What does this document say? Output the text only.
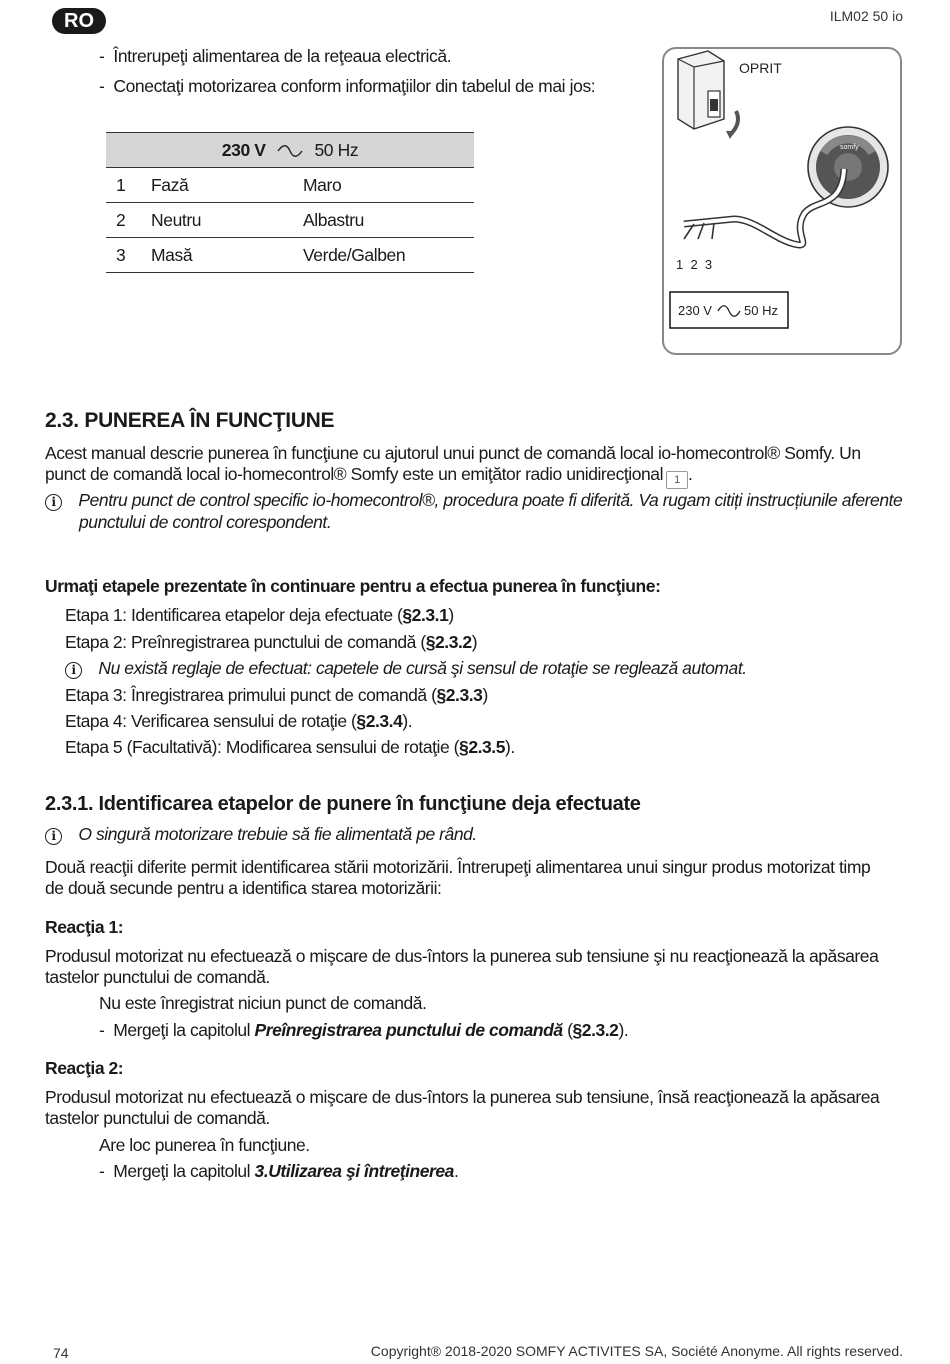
RO	ILM02 50 io
-  Întrerupeţi alimentarea de la reţeaua electrică.
-  Conectaţi motorizarea conform informaţiilor din tabelul de mai jos:
230 V 50 Hz		
1	Fază	Maro
2	Neutru	Albastru
3	Masă	Verde/Galben
somfy
OPRIT
1  2  3
230 V 50 Hz
2.3. PUNEREA ÎN FUNCŢIUNE
Acest manual descrie punerea în funcţiune cu ajutorul unui punct de comandă local io-homecontrol® Somfy. Un
punct de comandă local io-homecontrol® Somfy este un emiţător radio unidirecţional 1 .
i Pentru punct de control specific io-homecontrol®, procedura poate fi diferită. Va rugam citiți instrucțiunile aferente
punctului de control corespondent.
Urmaţi etapele prezentate în continuare pentru a efectua punerea în funcţiune:
Etapa 1: Identificarea etapelor deja efectuate (§2.3.1)
Etapa 2: Preînregistrarea punctului de comandă (§2.3.2)
i Nu există reglaje de efectuat: capetele de cursă şi sensul de rotaţie se reglează automat.
Etapa 3: Înregistrarea primului punct de comandă (§2.3.3)
Etapa 4: Verificarea sensului de rotaţie (§2.3.4).
Etapa 5 (Facultativă): Modificarea sensului de rotaţie (§2.3.5).
2.3.1. Identificarea etapelor de punere în funcţiune deja efectuate
i O singură motorizare trebuie să fie alimentată pe rând.
Două reacţii diferite permit identificarea stării motorizării. Întrerupeţi alimentarea unui singur produs motorizat timp
de două secunde pentru a identifica starea motorizării:
Reacţia 1:
Produsul motorizat nu efectuează o mişcare de dus-întors la punerea sub tensiune şi nu reacţionează la apăsarea
tastelor punctului de comandă.
Nu este înregistrat niciun punct de comandă.
-  Mergeţi la capitolul Preînregistrarea punctului de comandă (§2.3.2).
Reacţia 2:
Produsul motorizat nu efectuează o mişcare de dus-întors la punerea sub tensiune, însă reacţionează la apăsarea
tastelor punctului de comandă.
Are loc punerea în funcţiune.
-  Mergeţi la capitolul 3.Utilizarea şi întreţinerea.
74	Copyright® 2018-2020 SOMFY ACTIVITES SA, Société Anonyme. All rights reserved.
